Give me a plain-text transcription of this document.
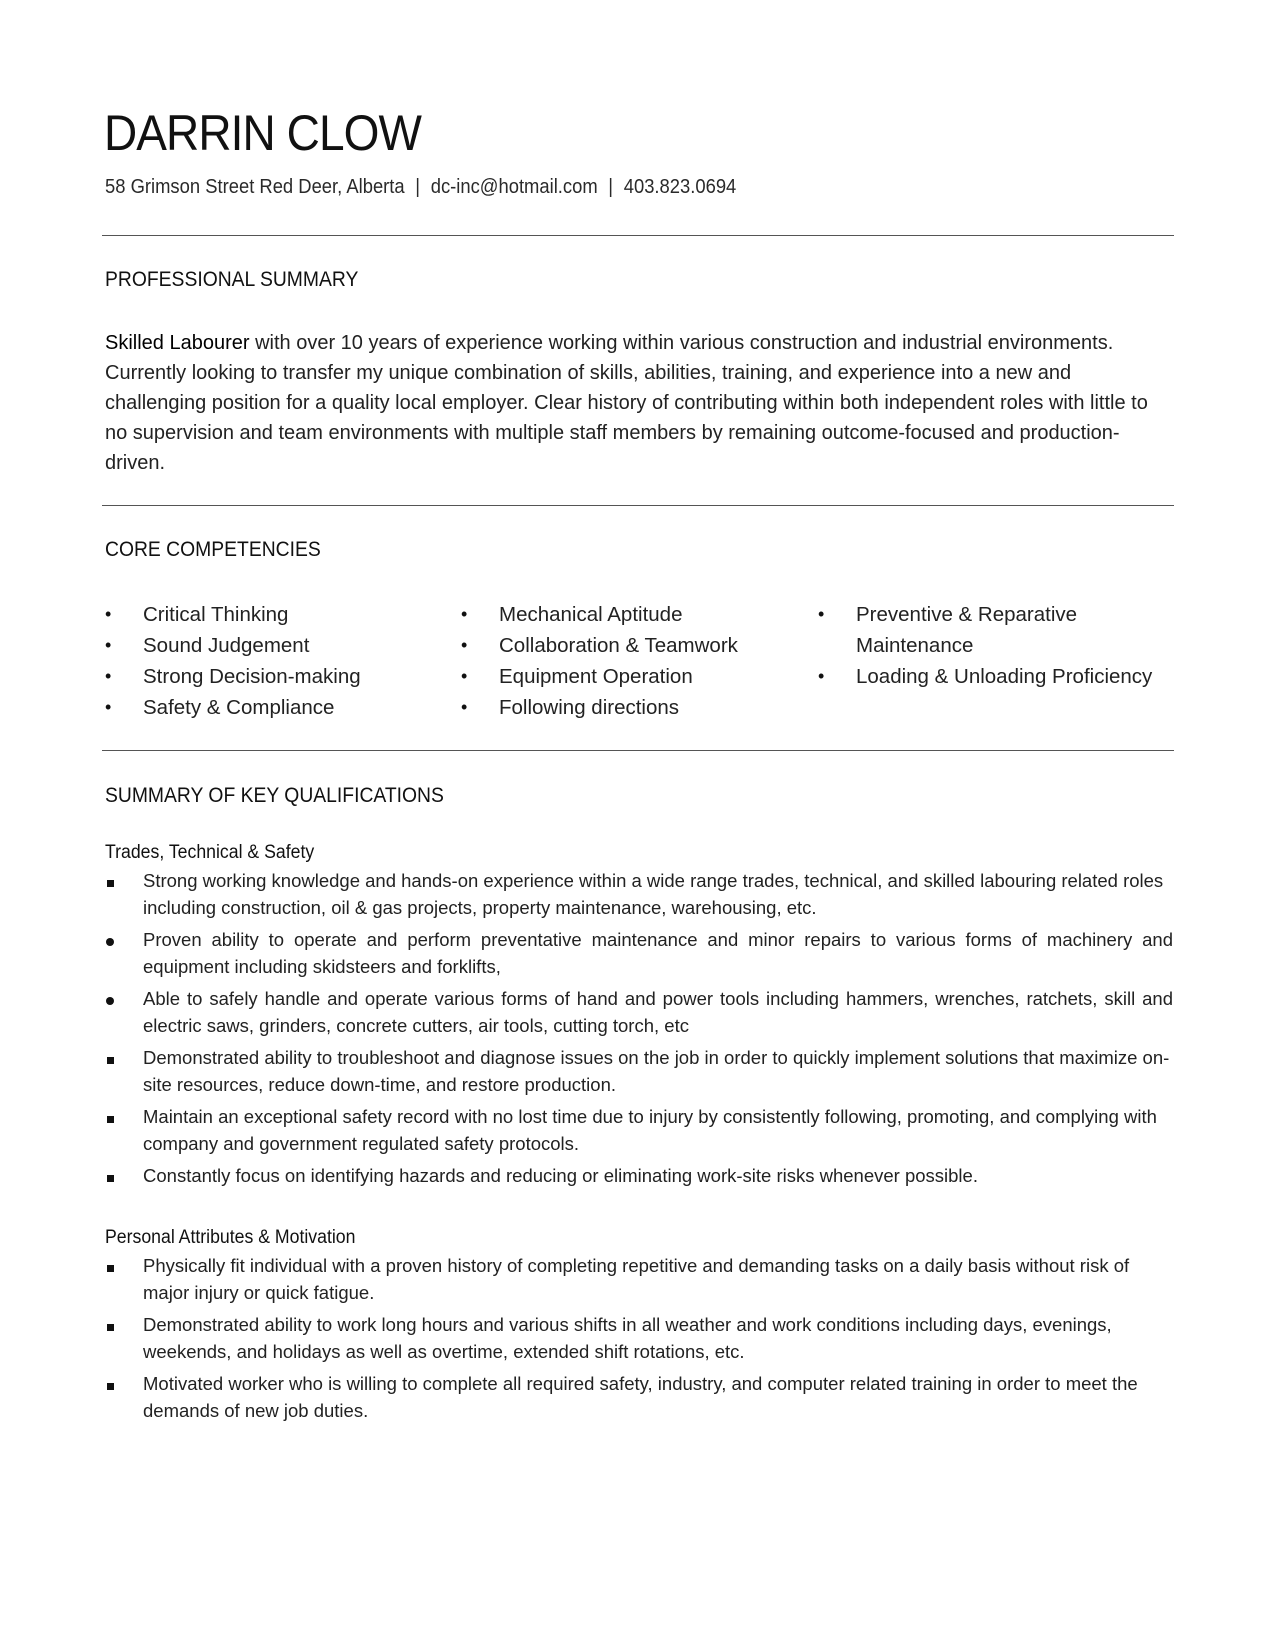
DARRIN CLOW
58 Grimson Street Red Deer, Alberta | dc-inc@hotmail.com | 403.823.0694
PROFESSIONAL SUMMARY
Skilled Labourer with over 10 years of experience working within various construction and industrial environments. Currently looking to transfer my unique combination of skills, abilities, training, and experience into a new and challenging position for a quality local employer. Clear history of contributing within both independent roles with little to no supervision and team environments with multiple staff members by remaining outcome-focused and production-driven.
CORE COMPETENCIES
• Critical Thinking
• Sound Judgement
• Strong Decision-making
• Safety & Compliance
• Mechanical Aptitude
• Collaboration & Teamwork
• Equipment Operation
• Following directions
• Preventive & Reparative Maintenance
• Loading & Unloading Proficiency
SUMMARY OF KEY QUALIFICATIONS
Trades, Technical & Safety
Strong working knowledge and hands-on experience within a wide range trades, technical, and skilled labouring related roles including construction, oil & gas projects, property maintenance, warehousing, etc.
Proven ability to operate and perform preventative maintenance and minor repairs to various forms of machinery and equipment including skidsteers and forklifts,
Able to safely handle and operate various forms of hand and power tools including hammers, wrenches, ratchets, skill and electric saws, grinders, concrete cutters, air tools, cutting torch, etc
Demonstrated ability to troubleshoot and diagnose issues on the job in order to quickly implement solutions that maximize on-site resources, reduce down-time, and restore production.
Maintain an exceptional safety record with no lost time due to injury by consistently following, promoting, and complying with company and government regulated safety protocols.
Constantly focus on identifying hazards and reducing or eliminating work-site risks whenever possible.
Personal Attributes & Motivation
Physically fit individual with a proven history of completing repetitive and demanding tasks on a daily basis without risk of major injury or quick fatigue.
Demonstrated ability to work long hours and various shifts in all weather and work conditions including days, evenings, weekends, and holidays as well as overtime, extended shift rotations, etc.
Motivated worker who is willing to complete all required safety, industry, and computer related training in order to meet the demands of new job duties.
